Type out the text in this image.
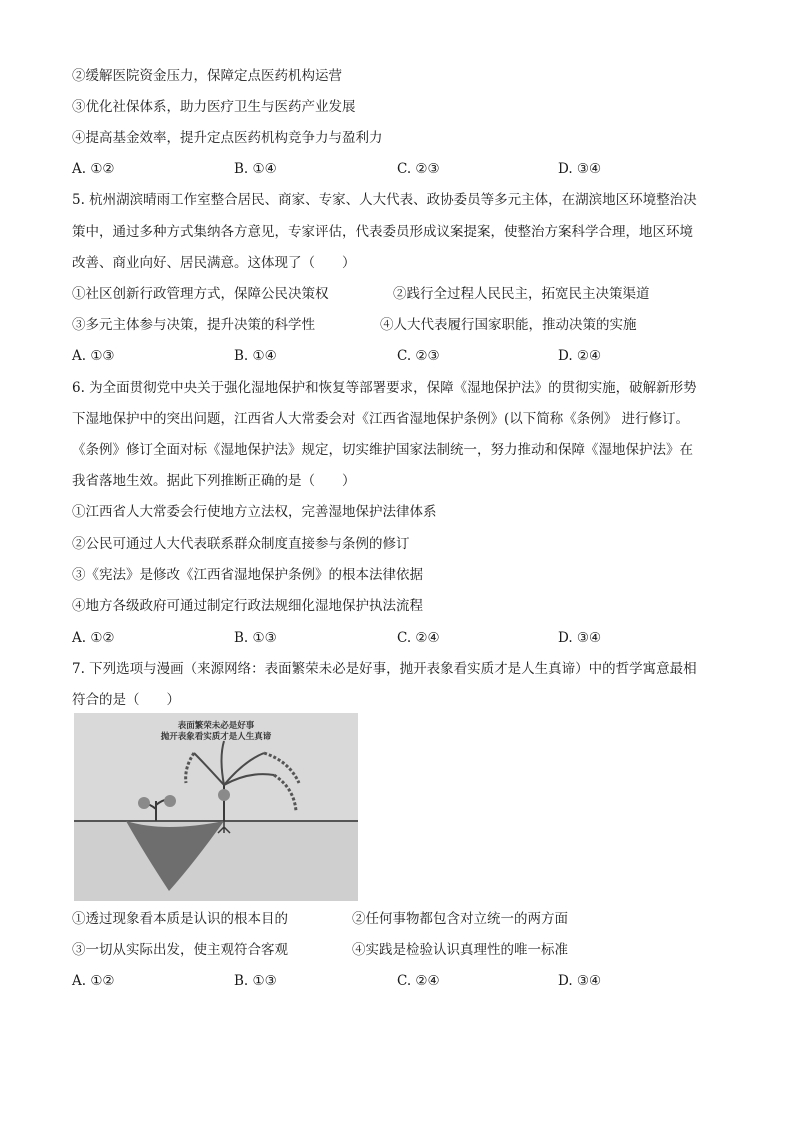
②缓解医院资金压力，保障定点医药机构运营
③优化社保体系，助力医疗卫生与医药产业发展
④提高基金效率，提升定点医药机构竞争力与盈利力
A. ①②	B. ①④	C. ②③	D. ③④
5. 杭州湖滨晴雨工作室整合居民、商家、专家、人大代表、政协委员等多元主体，在湖滨地区环境整治决
策中，通过多种方式集纳各方意见，专家评估，代表委员形成议案提案，使整治方案科学合理，地区环境
改善、商业向好、居民满意。这体现了（　　）
①社区创新行政管理方式，保障公民决策权	②践行全过程人民民主，拓宽民主决策渠道
③多元主体参与决策，提升决策的科学性	④人大代表履行国家职能，推动决策的实施
A. ①③	B. ①④	C. ②③	D. ②④
6. 为全面贯彻党中央关于强化湿地保护和恢复等部署要求，保障《湿地保护法》的贯彻实施，破解新形势
下湿地保护中的突出问题，江西省人大常委会对《江西省湿地保护条例》(以下简称《条例》 进行修订。
《条例》修订全面对标《湿地保护法》规定，切实维护国家法制统一，努力推动和保障《湿地保护法》在
我省落地生效。据此下列推断正确的是（　　）
①江西省人大常委会行使地方立法权，完善湿地保护法律体系
②公民可通过人大代表联系群众制度直接参与条例的修订
③《宪法》是修改《江西省湿地保护条例》的根本法律依据
④地方各级政府可通过制定行政法规细化湿地保护执法流程
A. ①②	B. ①③	C. ②④	D. ③④
7. 下列选项与漫画（来源网络：表面繁荣未必是好事，抛开表象看实质才是人生真谛）中的哲学寓意最相
符合的是（　　）
表面繁荣未必是好事
抛开表象看实质才是人生真谛
①透过现象看本质是认识的根本目的	②任何事物都包含对立统一的两方面
③一切从实际出发，使主观符合客观	④实践是检验认识真理性的唯一标准
A. ①②	B. ①③	C. ②④	D. ③④
